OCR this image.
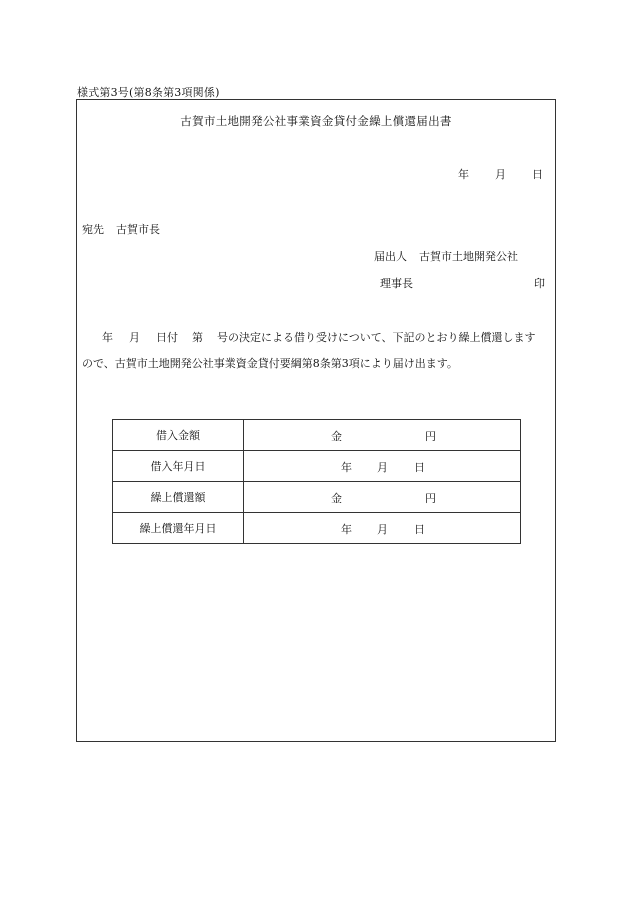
様式第3号(第8条第3項関係)
古賀市土地開発公社事業資金貸付金繰上償還届出書
年 月 日
宛先 古賀市長
届出人 古賀市土地開発公社
理事長	印
年 月 日付 第 号の決定による借り受けについて、下記のとおり繰上償還します
ので、古賀市土地開発公社事業資金貸付要綱第8条第3項により届け出ます。
借入金額	金 円

借入年月日	年 月 日

繰上償還額	金 円

繰上償還年月日	年 月 日
